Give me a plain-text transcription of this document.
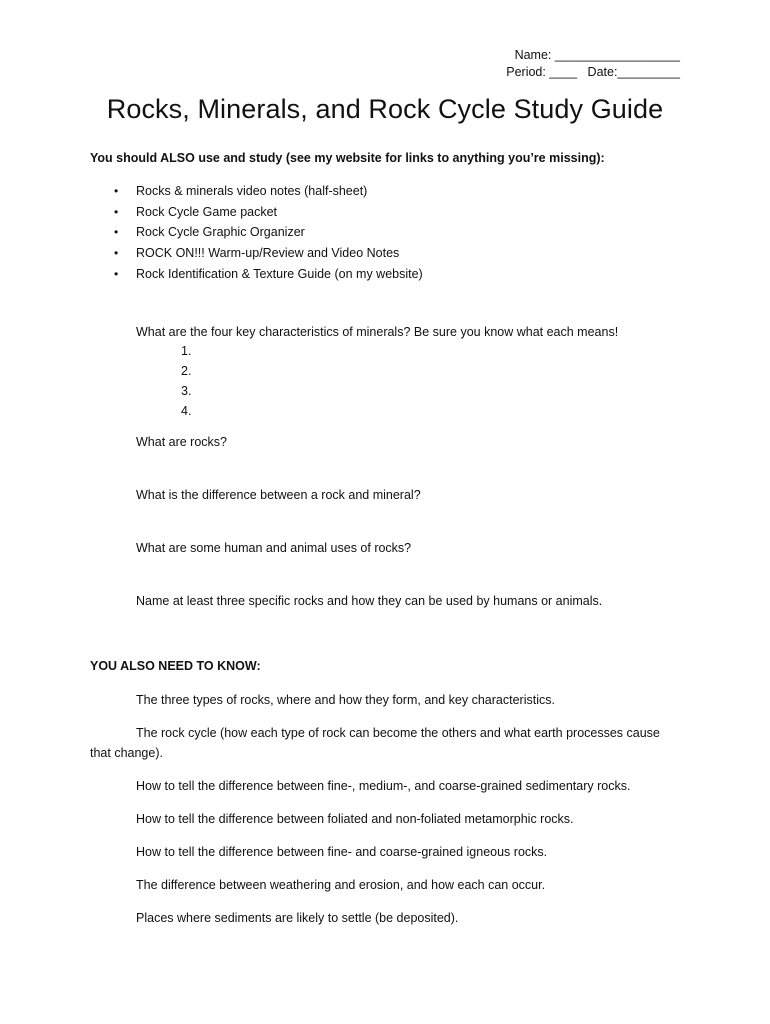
Name: __________________
Period: ____   Date:_________
Rocks, Minerals, and Rock Cycle Study Guide
You should ALSO use and study (see my website for links to anything you’re missing):
• Rocks & minerals video notes (half-sheet)
• Rock Cycle Game packet
• Rock Cycle Graphic Organizer
• ROCK ON!!! Warm-up/Review and Video Notes
• Rock Identification & Texture Guide (on my website)
What are the four key characteristics of minerals? Be sure you know what each means!
1.
2.
3.
4.
What are rocks?
What is the difference between a rock and mineral?
What are some human and animal uses of rocks?
Name at least three specific rocks and how they can be used by humans or animals.
YOU ALSO NEED TO KNOW:

The three types of rocks, where and how they form, and key characteristics.

The rock cycle (how each type of rock can become the others and what earth processes cause that change).

How to tell the difference between fine-, medium-, and coarse-grained sedimentary rocks.

How to tell the difference between foliated and non-foliated metamorphic rocks.

How to tell the difference between fine- and coarse-grained igneous rocks.

The difference between weathering and erosion, and how each can occur.

Places where sediments are likely to settle (be deposited).
